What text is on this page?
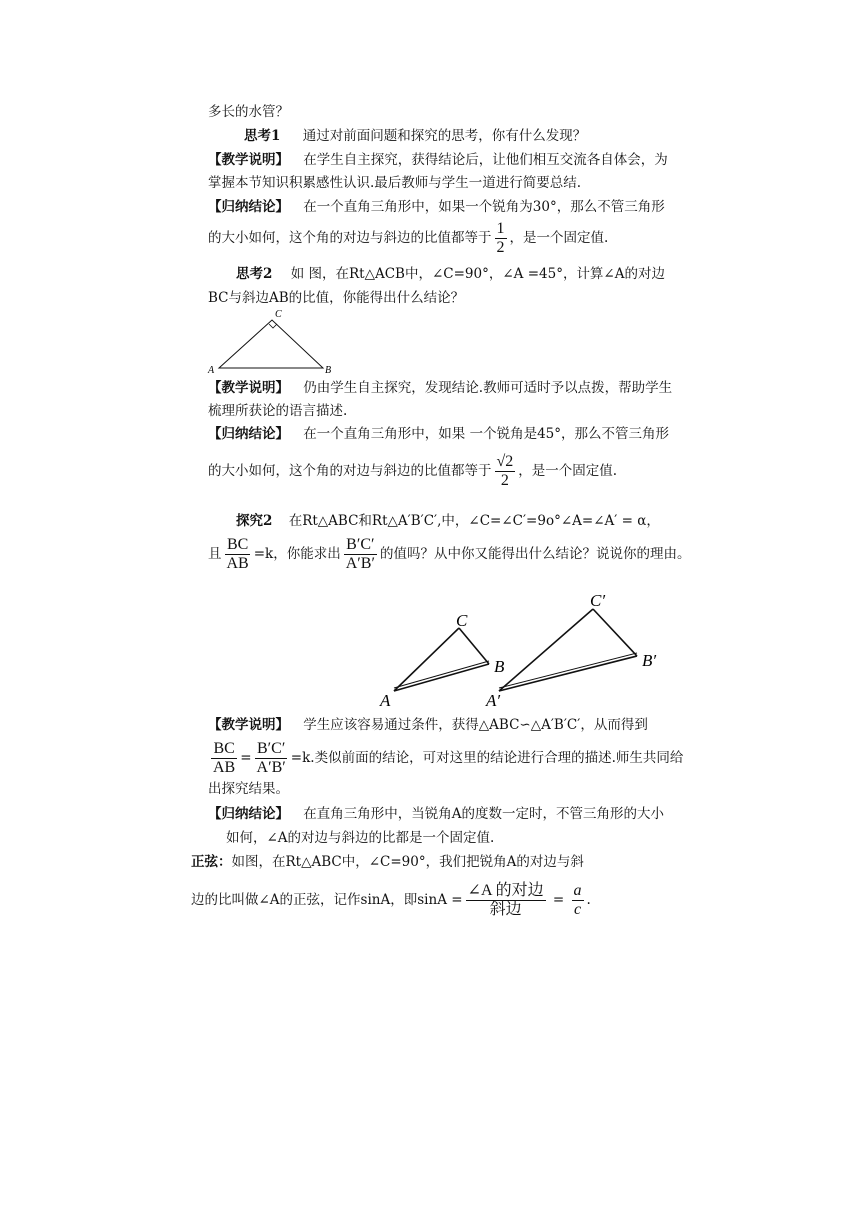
多长的水管？
思考1 通过对前面问题和探究的思考，你有什么发现？
【教学说明】 在学生自主探究，获得结论后，让他们相互交流各自体会，为
掌握本节知识积累感性认识.最后教师与学生一道进行简要总结.
【归纳结论】 在一个直角三角形中，如果一个锐角为30°，那么不管三角形
的大小如何，这个角的对边与斜边的比值都等于 $\frac{1}{2}$ ，是一个固定值.
思考2 如 图，在Rt△ACB中，∠C=90°，∠A =45°，计算∠A的对边
BC与斜边AB的比值，你能得出什么结论？
A	B
C
【教学说明】 仍由学生自主探究，发现结论.教师可适时予以点拨，帮助学生
梳理所获论的语言描述.
【归纳结论】 在一个直角三角形中，如果 一个锐角是45°，那么不管三角形
的大小如何，这个角的对边与斜边的比值都等于 $\frac{√2}{2}$ ，是一个固定值.
探究2 在Rt△ABC和Rt△A′B′C′,中，∠C=∠C′=9o°∠A=∠A′ = α，
且 $\frac{BC}{AB} =k$，你能求出 $\frac{B'C'}{A'B'}$ 的值吗？从中你又能得出什么结论？说说你的理由。
A
B
C
A′
B′
C′
【教学说明】 学生应该容易通过条件，获得△ABC∽△A′B′C′，从而得到
$\frac{BC}{AB} = \frac{B'C'}{A'B'} =k$.类似前面的结论，可对这里的结论进行合理的描述.师生共同给
出探究结果。
【归纳结论】 在直角三角形中，当锐角A的度数一定时，不管三角形的大小
如何，∠A的对边与斜边的比都是一个固定值.
正弦：如图，在Rt△ABC中，∠C=90°，我们把锐角A的对边与斜
边的比叫做∠A的正弦，记作sinA，即$\sin A = \frac{\text{∠A 的对边}}{\text{斜边}} = \frac{a}{c}$ .
